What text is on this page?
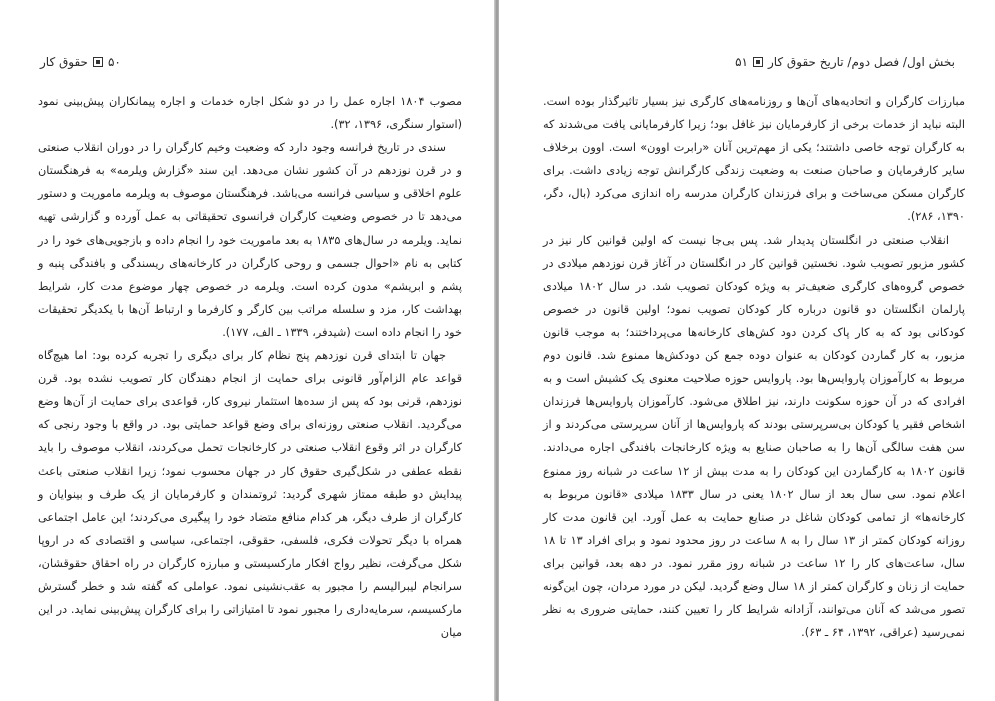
۵۰
حقوق کار

مصوب ۱۸۰۴ اجاره عمل را در دو شکل اجاره خدمات و اجاره پیمانکاران پیش‌بینی نمود (استوار سنگری، ۱۳۹۶، ۳۲).

سندی در تاریخ فرانسه وجود دارد که وضعیت وخیم کارگران را در دوران انقلاب صنعتی و در قرن نوزدهم در آن کشور نشان می‌دهد. این سند «گزارش ویلرمه» به فرهنگستان علوم اخلاقی و سیاسی فرانسه می‌باشد. فرهنگستان موصوف به ویلرمه ماموریت و دستور می‌دهد تا در خصوص وضعیت کارگران فرانسوی تحقیقاتی به عمل آورده و گزارشی تهیه نماید. ویلرمه در سال‌های ۱۸۳۵ به بعد ماموریت خود را انجام داده و بازجویی‌های خود را در کتابی به نام «احوال جسمی و روحی کارگران در کارخانه‌های ریسندگی و بافندگی پنبه و پشم و ابریشم» مدون کرده است. ویلرمه در خصوص چهار موضوع مدت کار، شرایط بهداشت کار، مزد و سلسله مراتب بین کارگر و کارفرما و ارتباط آن‌ها با یکدیگر تحقیقات خود را انجام داده است (شیدفر، ۱۳۳۹ ـ الف، ۱۷۷).

جهان تا ابتدای قرن نوزدهم پنج نظام کار برای دیگری را تجربه کرده بود: اما هیچ‌گاه قواعد عام الزام‌آور قانونی برای حمایت از انجام دهندگان کار تصویب نشده بود. قرن نوزدهم، قرنی بود که پس از سده‌ها استثمار نیروی کار، قواعدی برای حمایت از آن‌ها وضع می‌گردید. انقلاب صنعتی روزنه‌ای برای وضع قواعد حمایتی بود. در واقع با وجود رنجی که کارگران در اثر وقوع انقلاب صنعتی در کارخانجات تحمل می‌کردند، انقلاب موصوف را باید نقطه عطفی در شکل‌گیری حقوق کار در جهان محسوب نمود؛ زیرا انقلاب صنعتی باعث پیدایش دو طبقه ممتاز شهری گردید: ثروتمندان و کارفرمایان از یک طرف و بینوایان و کارگران از طرف دیگر، هر کدام منافع متضاد خود را پیگیری می‌کردند؛ این عامل اجتماعی همراه با دیگر تحولات فکری، فلسفی، حقوقی، اجتماعی، سیاسی و اقتصادی که در اروپا شکل می‌گرفت، نظیر رواج افکار مارکسیستی و مبارزه کارگران در راه احقاق حقوقشان، سرانجام لیبرالیسم را مجبور به عقب‌نشینی نمود. عواملی که گفته شد و خطر گسترش مارکسیسم، سرمایه‌داری را مجبور نمود تا امتیازاتی را برای کارگران پیش‌بینی نماید. در این میان

بخش اول/ فصل دوم/ تاریخ حقوق کار
۵۱

مبارزات کارگران و اتحادیه‌های آن‌ها و روزنامه‌های کارگری نیز بسیار تاثیرگذار بوده است. البته نباید از خدمات برخی از کارفرمایان نیز غافل بود؛ زیرا کارفرمایانی یافت می‌شدند که به کارگران توجه خاصی داشتند؛ یکی از مهم‌ترین آنان «رابرت اوون» است. اوون برخلاف سایر کارفرمایان و صاحبان صنعت به وضعیت زندگی کارگرانش توجه زیادی داشت. برای کارگران مسکن می‌ساخت و برای فرزندان کارگران مدرسه راه اندازی می‌کرد (بال، دگر، ۱۳۹۰، ۲۸۶).

انقلاب صنعتی در انگلستان پدیدار شد. پس بی‌جا نیست که اولین قوانین کار نیز در کشور مزبور تصویب شود. نخستین قوانین کار در انگلستان در آغاز قرن نوزدهم میلادی در خصوص گروه‌های کارگری ضعیف‌تر به ویژه کودکان تصویب شد. در سال ۱۸۰۲ میلادی پارلمان انگلستان دو قانون درباره کار کودکان تصویب نمود؛ اولین قانون در خصوص کودکانی بود که به کار پاک کردن دود کش‌های کارخانه‌ها می‌پرداختند؛ به موجب قانون مزبور، به کار گماردن کودکان به عنوان دوده جمع کن دودکش‌ها ممنوع شد. قانون دوم مربوط به کارآموزان پاروایس‌ها بود. پاروایس حوزه صلاحیت معنوی یک کشیش است و به افرادی که در آن حوزه سکونت دارند، نیز اطلاق می‌شود. کارآموزان پاروایس‌ها فرزندان اشخاص فقیر یا کودکان بی‌سرپرستی بودند که پاروایس‌ها از آنان سرپرستی می‌کردند و از سن هفت سالگی آن‌ها را به صاحبان صنایع به ویژه کارخانجات بافندگی اجاره می‌دادند. قانون ۱۸۰۲ به کارگماردن این کودکان را به مدت بیش از ۱۲ ساعت در شبانه روز ممنوع اعلام نمود. سی سال بعد از سال ۱۸۰۲ یعنی در سال ۱۸۳۳ میلادی «قانون مربوط به کارخانه‌ها» از تمامی کودکان شاغل در صنایع حمایت به عمل آورد. این قانون مدت کار روزانه کودکان کمتر از ۱۳ سال را به ۸ ساعت در روز محدود نمود و برای افراد ۱۳ تا ۱۸ سال، ساعت‌های کار را ۱۲ ساعت در شبانه روز مقرر نمود. در دهه بعد، قوانین برای حمایت از زنان و کارگران کمتر از ۱۸ سال وضع گردید. لیکن در مورد مردان، چون این‌گونه تصور می‌شد که آنان می‌توانند، آزادانه شرایط کار را تعیین کنند، حمایتی ضروری به نظر نمی‌رسید (عراقی، ۱۳۹۲، ۶۴ ـ ۶۳).
